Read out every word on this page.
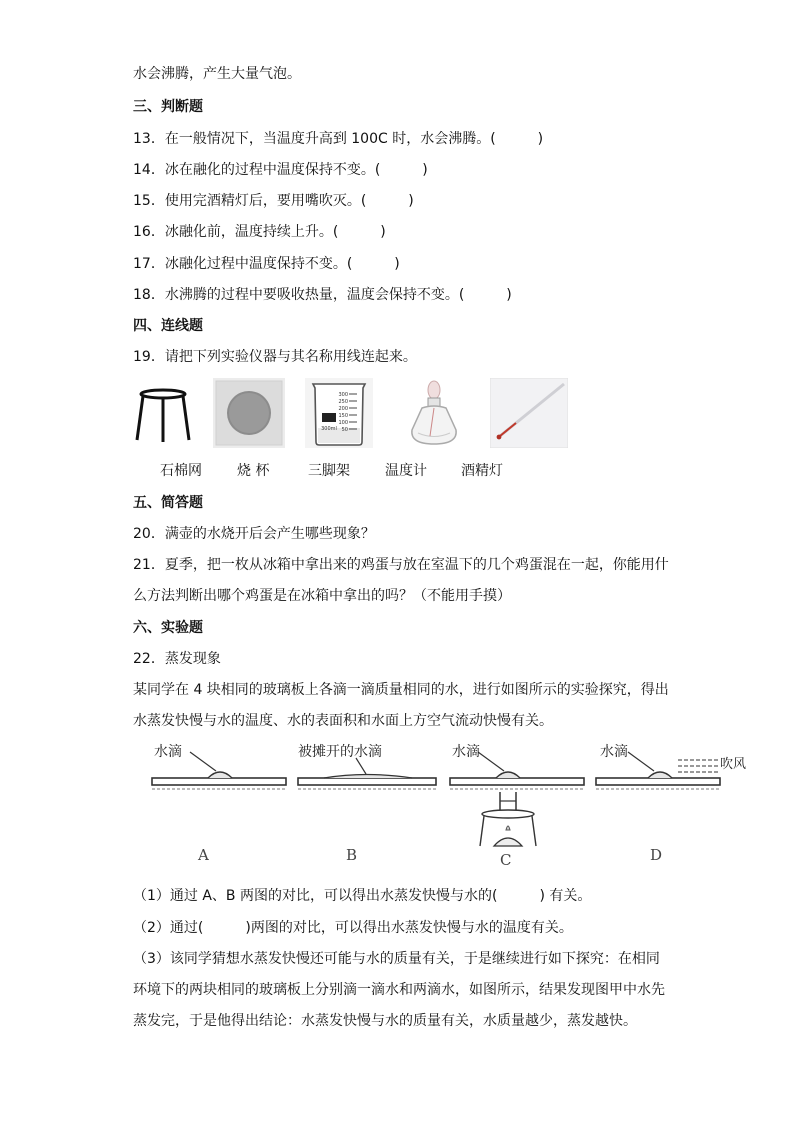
水会沸腾，产生大量气泡。
三、判断题
13．在一般情况下，当温度升高到 100C 时，水会沸腾。(　　　)
14．冰在融化的过程中温度保持不变。(　　　)
15．使用完酒精灯后，要用嘴吹灭。(　　　)
16．冰融化前，温度持续上升。(　　　)
17．冰融化过程中温度保持不变。(　　　)
18．水沸腾的过程中要吸收热量，温度会保持不变。(　　　)
四、连线题
19．请把下列实验仪器与其名称用线连起来。
300
250
200
150
100
50
300ml
石棉网	烧 杯	三脚架	温度计 酒精灯
五、简答题
20．满壶的水烧开后会产生哪些现象？
21．夏季，把一枚从冰箱中拿出来的鸡蛋与放在室温下的几个鸡蛋混在一起，你能用什
么方法判断出哪个鸡蛋是在冰箱中拿出的吗？（不能用手摸）
六、实验题
22．蒸发现象
某同学在 4 块相同的玻璃板上各滴一滴质量相同的水，进行如图所示的实验探究，得出
水蒸发快慢与水的温度、水的表面积和水面上方空气流动快慢有关。
水滴
A
被摊开的水滴
B
水滴
C
水滴
吹风
D
（1）通过 A、B 两图的对比，可以得出水蒸发快慢与水的(　　　) 有关。
（2）通过(　　　)两图的对比，可以得出水蒸发快慢与水的温度有关。
（3）该同学猜想水蒸发快慢还可能与水的质量有关，于是继续进行如下探究：在相同
环境下的两块相同的玻璃板上分别滴一滴水和两滴水，如图所示，结果发现图甲中水先
蒸发完，于是他得出结论：水蒸发快慢与水的质量有关，水质量越少，蒸发越快。
